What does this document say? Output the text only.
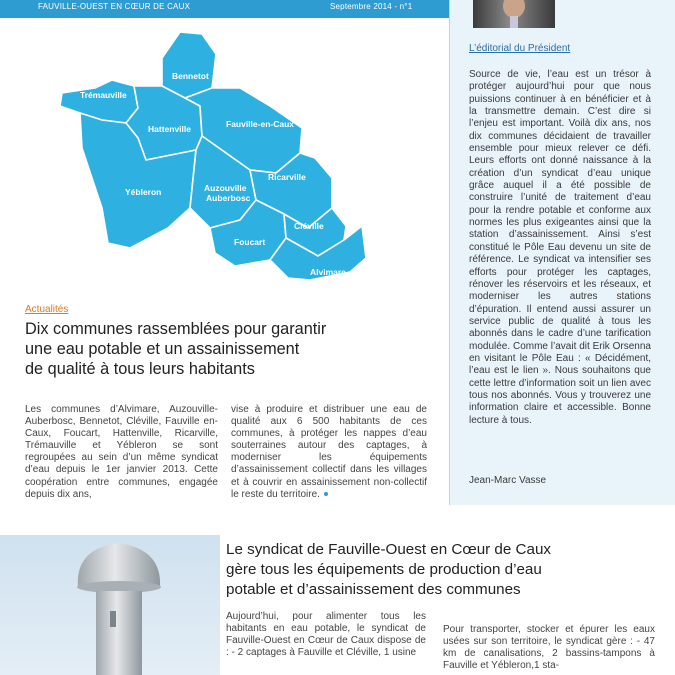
FAUVILLE-OUEST EN CŒUR DE CAUX	Septembre 2014 - n°1
Trémauville
Bennetot
Hattenville	Fauville-en-Caux
Yébleron	Auzouville
Auberbosc
Ricarville
Foucart
Cléville
Alvimare
Actualités
Dix communes rassemblées pour garantir
une eau potable et un assainissement
de qualité à tous leurs habitants
Les communes d’Alvimare, Auzouville-Auberbosc, Bennetot, Cléville, Fauville en-Caux, Foucart, Hattenville, Ricarville, Trémauville et Yébleron se sont regroupées au sein d’un même syndicat d’eau depuis le 1er janvier 2013. Cette coopération entre communes, engagée depuis dix ans,
vise à produire et distribuer une eau de qualité aux 6 500 habitants de ces communes, à protéger les nappes d’eau souterraines autour des captages, à moderniser les équipements d’assainissement collectif dans les villages et à couvrir en assainissement non-collectif le reste du territoire.
L’éditorial du Président
Source de vie, l’eau est un trésor à protéger aujourd’hui pour que nous puissions continuer à en bénéficier et à la transmettre demain. C’est dire si l’enjeu est important. Voilà dix ans, nos dix communes décidaient de travailler ensemble pour mieux relever ce défi. Leurs efforts ont donné naissance à la création d’un syndicat d’eau unique grâce auquel il a été possible de construire l’unité de traitement d’eau pour la rendre potable et conforme aux normes les plus exigeantes ainsi que la station d’assainissement. Ainsi s’est constitué le Pôle Eau devenu un site de référence. Le syndicat va intensifier ses efforts pour protéger les captages, rénover les réservoirs et les réseaux, et moderniser les autres stations d’épuration. Il entend aussi assurer un service public de qualité à tous les abonnés dans le cadre d’une tarification modulée. Comme l’avait dit Erik Orsenna en visitant le Pôle Eau : « Décidément, l’eau est le lien ». Nous souhaitons que cette lettre d’information soit un lien avec tous nos abonnés. Vous y trouverez une information claire et accessible. Bonne lecture à tous.
Jean-Marc Vasse
Le syndicat de Fauville-Ouest en Cœur de Caux
gère tous les équipements de production d’eau
potable et d’assainissement des communes
Aujourd’hui, pour alimenter tous les habitants en eau potable, le syndicat de Fauville-Ouest en Cœur de Caux dispose de : - 2 captages à Fauville et Cléville, 1 usine
Pour transporter, stocker et épurer les eaux usées sur son territoire, le syndicat gère : - 47 km de canalisations, 2 bassins-tampons à Fauville et Yébleron,1 sta-
